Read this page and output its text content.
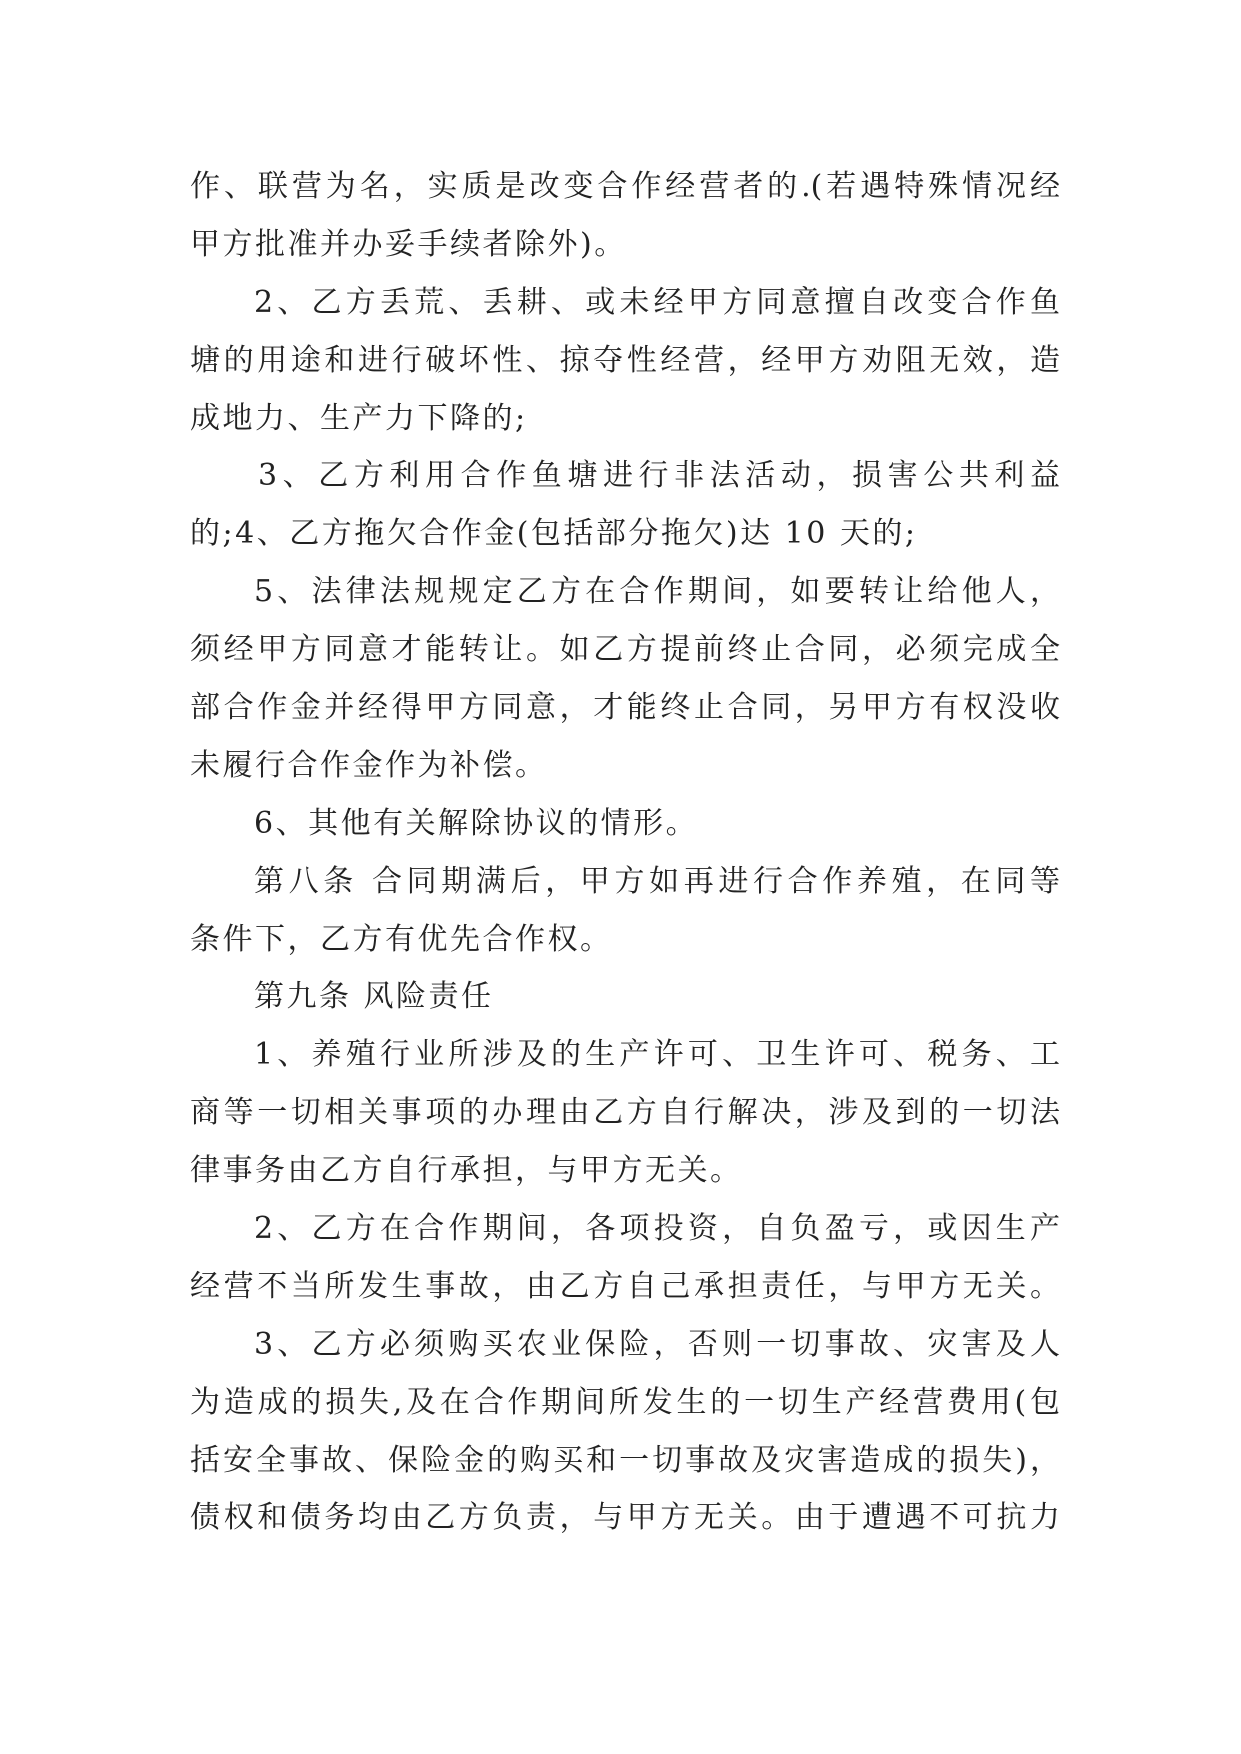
作、联营为名，实质是改变合作经营者的.(若遇特殊情况经
甲方批准并办妥手续者除外)。
2、乙方丢荒、丢耕、或未经甲方同意擅自改变合作鱼
塘的用途和进行破坏性、掠夺性经营，经甲方劝阻无效，造
成地力、生产力下降的;
3、乙方利用合作鱼塘进行非法活动，损害公共利益
的;4、乙方拖欠合作金(包括部分拖欠)达 10 天的;
5、法律法规规定乙方在合作期间，如要转让给他人，
须经甲方同意才能转让。如乙方提前终止合同，必须完成全
部合作金并经得甲方同意，才能终止合同，另甲方有权没收
未履行合作金作为补偿。
6、其他有关解除协议的情形。
第八条 合同期满后，甲方如再进行合作养殖，在同等
条件下，乙方有优先合作权。
第九条 风险责任
1、养殖行业所涉及的生产许可、卫生许可、税务、工
商等一切相关事项的办理由乙方自行解决，涉及到的一切法
律事务由乙方自行承担，与甲方无关。
2、乙方在合作期间，各项投资，自负盈亏，或因生产
经营不当所发生事故，由乙方自己承担责任，与甲方无关。
3、乙方必须购买农业保险，否则一切事故、灾害及人
为造成的损失,及在合作期间所发生的一切生产经营费用(包
括安全事故、保险金的购买和一切事故及灾害造成的损失)，
债权和债务均由乙方负责，与甲方无关。由于遭遇不可抗力
